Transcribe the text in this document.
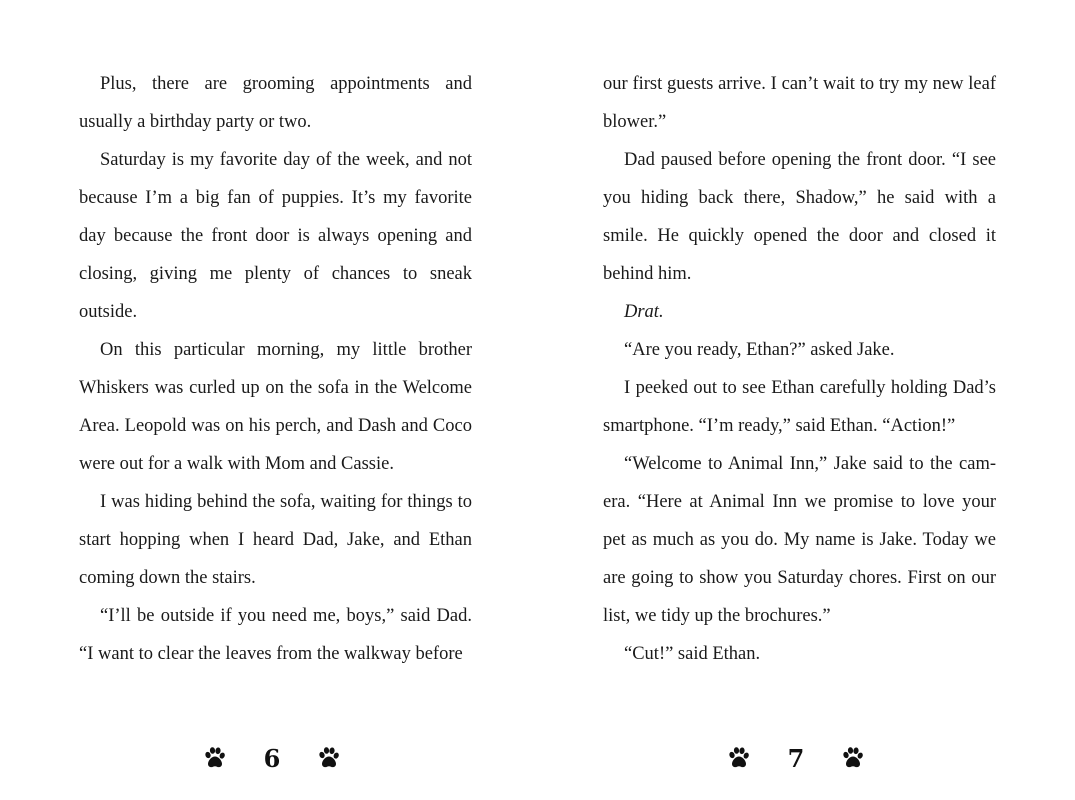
Plus, there are grooming appointments and usually a birthday party or two.

Saturday is my favorite day of the week, and not because I’m a big fan of puppies. It’s my favorite day because the front door is always opening and closing, giving me plenty of chances to sneak outside.

On this particular morning, my little brother Whiskers was curled up on the sofa in the Welcome Area. Leopold was on his perch, and Dash and Coco were out for a walk with Mom and Cassie.

I was hiding behind the sofa, waiting for things to start hopping when I heard Dad, Jake, and Ethan coming down the stairs.

“I’ll be outside if you need me, boys,” said Dad. “I want to clear the leaves from the walkway before

our first guests arrive. I can’t wait to try my new leaf blower.”

Dad paused before opening the front door. “I see you hiding back there, Shadow,” he said with a smile. He quickly opened the door and closed it behind him.

Drat.

“Are you ready, Ethan?” asked Jake.

I peeked out to see Ethan carefully holding Dad’s smartphone. “I’m ready,” said Ethan. “Action!”

“Welcome to Animal Inn,” Jake said to the camera. “Here at Animal Inn we promise to love your pet as much as you do. My name is Jake. Today we are going to show you Saturday chores. First on our list, we tidy up the brochures.”

“Cut!” said Ethan.

6	7
